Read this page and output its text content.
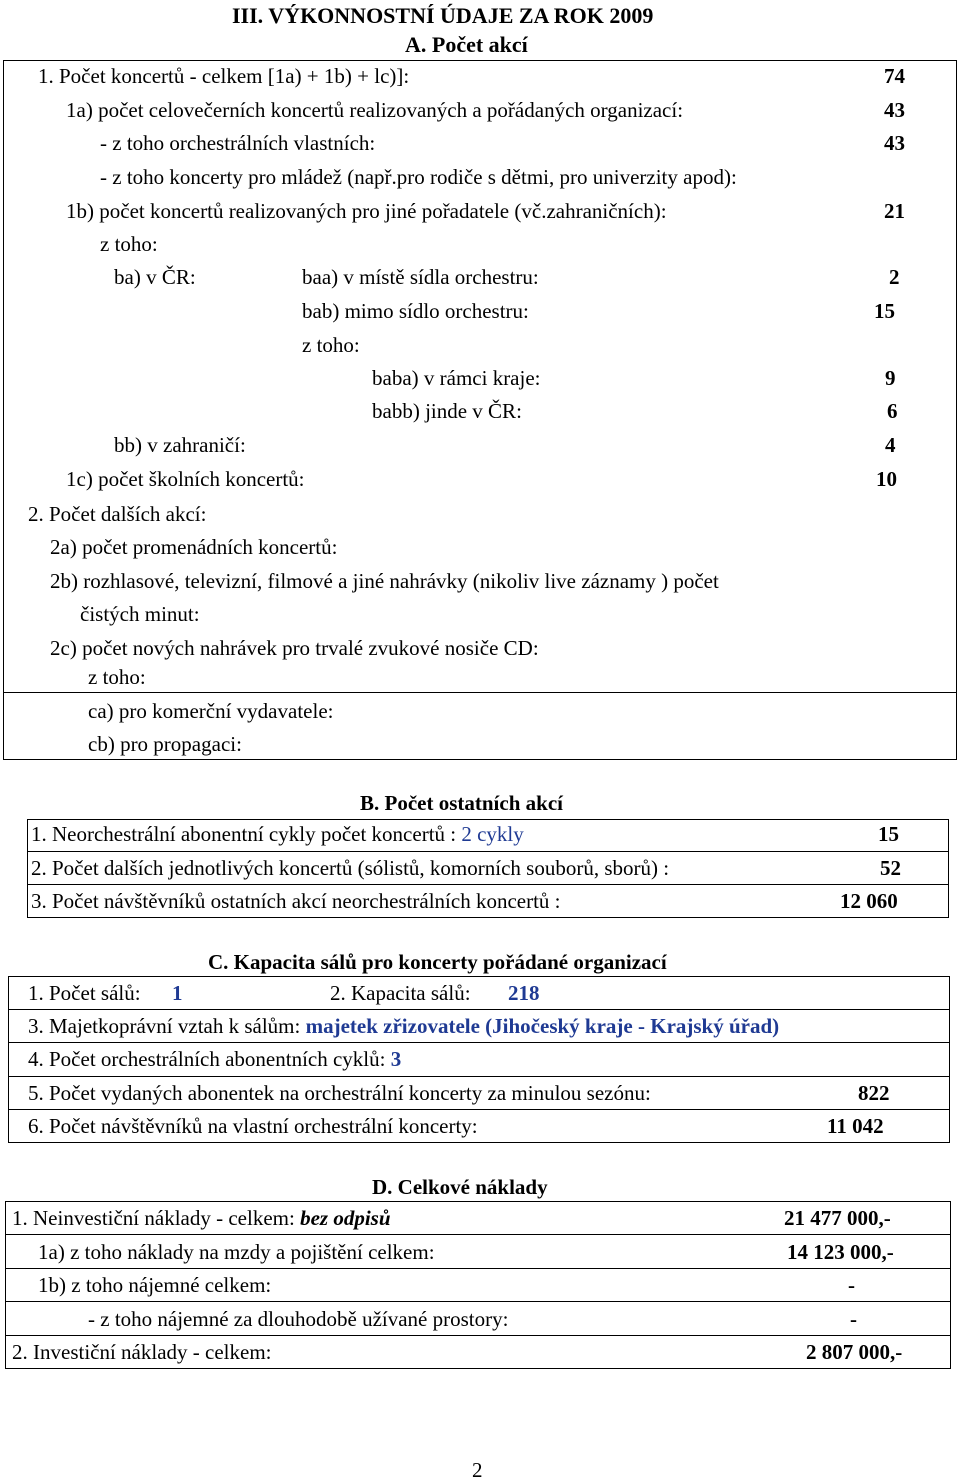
III. VÝKONNOSTNÍ ÚDAJE ZA ROK 2009
A. Počet akcí
1. Počet koncertů - celkem [1a) + 1b) + lc)]:	74
1a) počet celovečerních koncertů realizovaných a pořádaných organizací:	43
- z toho orchestrálních vlastních:	43
- z toho koncerty pro mládež (např.pro rodiče s dětmi, pro univerzity apod):
1b) počet koncertů realizovaných pro jiné pořadatele (vč.zahraničních):	21
z toho:
ba) v ČR:	baa) v místě sídla orchestru:	2
bab) mimo sídlo orchestru:	15
z toho:
baba) v rámci kraje:	9
babb) jinde v ČR:	6
bb) v zahraničí:	4
1c) počet školních koncertů:	10
2. Počet dalších akcí:
2a) počet promenádních koncertů:
2b) rozhlasové, televizní, filmové a jiné nahrávky (nikoliv live záznamy ) počet
čistých minut:
2c) počet nových nahrávek pro trvalé zvukové nosiče CD:
z toho:
ca) pro komerční vydavatele:
cb) pro propagaci:
B. Počet ostatních akcí
1. Neorchestrální abonentní cykly počet koncertů : 2 cykly	15
2. Počet dalších jednotlivých koncertů (sólistů, komorních souborů, sborů) :	52
3. Počet návštěvníků ostatních akcí neorchestrálních koncertů :	12 060
C. Kapacita sálů pro koncerty pořádané organizací
1. Počet sálů: 1	2. Kapacita sálů: 218
3. Majetkoprávní vztah k sálům: majetek zřizovatele (Jihočeský kraje - Krajský úřad)
4. Počet orchestrálních abonentních cyklů: 3
5. Počet vydaných abonentek na orchestrální koncerty za minulou sezónu:	822
6. Počet návštěvníků na vlastní orchestrální koncerty:	11 042
D. Celkové náklady
1. Neinvestiční náklady - celkem: bez odpisů	21 477 000,-
1a) z toho náklady na mzdy a pojištění celkem:	14 123 000,-
1b) z toho nájemné celkem:	-
- z toho nájemné za dlouhodobě užívané prostory:	-
2. Investiční náklady - celkem:	2 807 000,-
2
